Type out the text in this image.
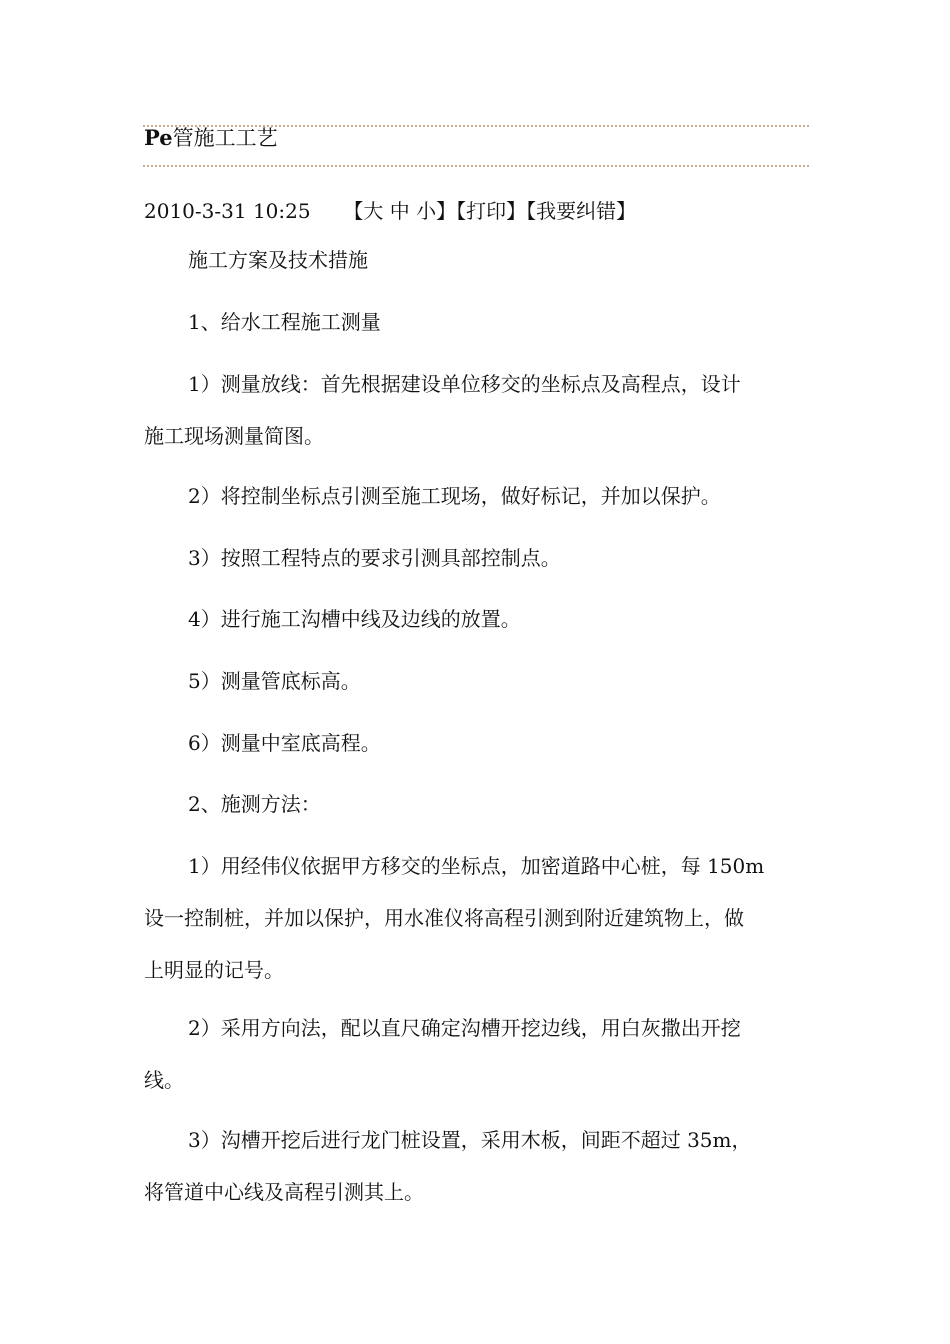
Pe管施工工艺
2010-3-31 10:25 【大 中 小】【打印】【我要纠错】
施工方案及技术措施
1、给水工程施工测量
1）测量放线：首先根据建设单位移交的坐标点及高程点，设计
施工现场测量简图。
2）将控制坐标点引测至施工现场，做好标记，并加以保护。
3）按照工程特点的要求引测具部控制点。
4）进行施工沟槽中线及边线的放置。
5）测量管底标高。
6）测量中室底高程。
2、施测方法：
1）用经伟仪依据甲方移交的坐标点，加密道路中心桩，每 150m
设一控制桩，并加以保护，用水准仪将高程引测到附近建筑物上，做
上明显的记号。
2）采用方向法，配以直尺确定沟槽开挖边线，用白灰撒出开挖
线。
3）沟槽开挖后进行龙门桩设置，采用木板，间距不超过 35m，
将管道中心线及高程引测其上。
